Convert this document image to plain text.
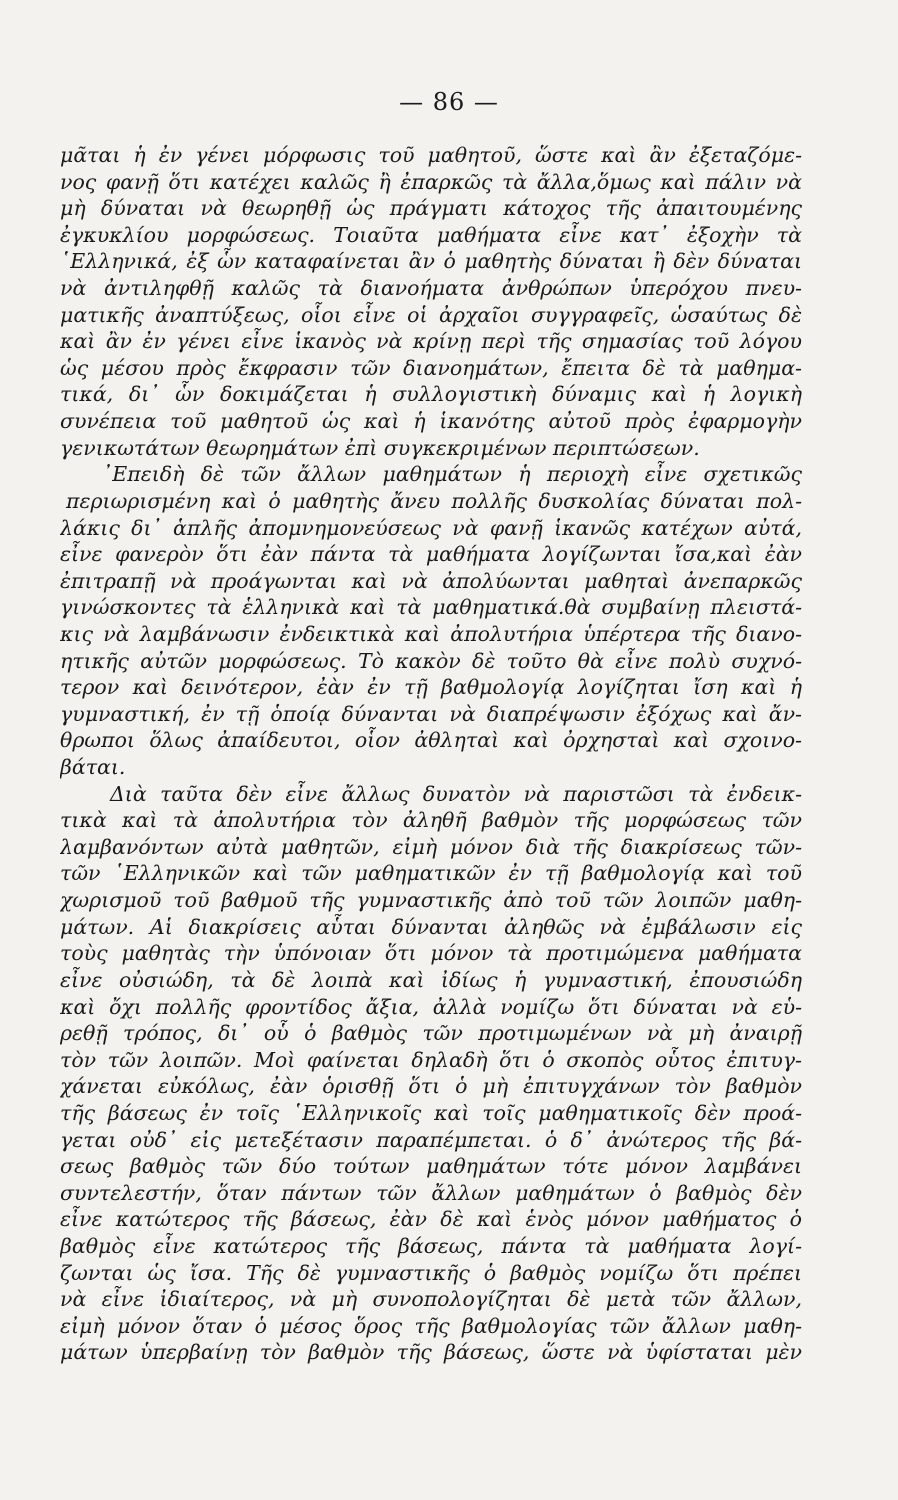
— 86 —
μᾶται ἡ ἐν γένει μόρφωσις τοῦ μαθητοῦ, ὥστε καὶ ἂν ἐξεταζόμε-
νος φανῇ ὅτι κατέχει καλῶς ἢ ἐπαρκῶς τὰ ἄλλα,ὅμως καὶ πάλιν νὰ
μὴ δύναται νὰ θεωρηθῇ ὡς πράγματι κάτοχος τῆς ἀπαιτουμένης
ἐγκυκλίου μορφώσεως. Τοιαῦτα μαθήματα εἶνε κατ᾽ ἐξοχὴν τὰ
῾Ελληνικά, ἐξ ὧν καταφαίνεται ἂν ὁ μαθητὴς δύναται ἢ δὲν δύναται
νὰ ἀντιληφθῇ καλῶς τὰ διανοήματα ἀνθρώπων ὑπερόχου πνευ-
ματικῆς ἀναπτύξεως, οἷοι εἶνε οἱ ἀρχαῖοι συγγραφεῖς, ὡσαύτως δὲ
καὶ ἂν ἐν γένει εἶνε ἱκανὸς νὰ κρίνῃ περὶ τῆς σημασίας τοῦ λόγου
ὡς μέσου πρὸς ἔκφρασιν τῶν διανοημάτων, ἔπειτα δὲ τὰ μαθημα-
τικά, δι᾽ ὧν δοκιμάζεται ἡ συλλογιστικὴ δύναμις καὶ ἡ λογικὴ
συνέπεια τοῦ μαθητοῦ ὡς καὶ ἡ ἱκανότης αὐτοῦ πρὸς ἐφαρμογὴν
γενικωτάτων θεωρημάτων ἐπὶ συγκεκριμένων περιπτώσεων.
᾿Επειδὴ δὲ τῶν ἄλλων μαθημάτων ἡ περιοχὴ εἶνε σχετικῶς
περιωρισμένη καὶ ὁ μαθητὴς ἄνευ πολλῆς δυσκολίας δύναται πολ-
λάκις δι᾽ ἁπλῆς ἀπομνημονεύσεως νὰ φανῇ ἱκανῶς κατέχων αὐτά,
εἶνε φανερὸν ὅτι ἐὰν πάντα τὰ μαθήματα λογίζωνται ἴσα,καὶ ἐὰν
ἐπιτραπῇ νὰ προάγωνται καὶ νὰ ἀπολύωνται μαθηταὶ ἀνεπαρκῶς
γινώσκοντες τὰ ἑλληνικὰ καὶ τὰ μαθηματικά.θὰ συμβαίνῃ πλειστά-
κις νὰ λαμβάνωσιν ἐνδεικτικὰ καὶ ἀπολυτήρια ὑπέρτερα τῆς διανο-
ητικῆς αὐτῶν μορφώσεως. Τὸ κακὸν δὲ τοῦτο θὰ εἶνε πολὺ συχνό-
τερον καὶ δεινότερον, ἐὰν ἐν τῇ βαθμολογίᾳ λογίζηται ἴση καὶ ἡ
γυμναστική, ἐν τῇ ὁποίᾳ δύνανται νὰ διαπρέψωσιν ἐξόχως καὶ ἄν-
θρωποι ὅλως ἀπαίδευτοι, οἷον ἀθληταὶ καὶ ὀρχησταὶ καὶ σχοινο-
βάται.
Διὰ ταῦτα δὲν εἶνε ἄλλως δυνατὸν νὰ παριστῶσι τὰ ἐνδεικ-
τικὰ καὶ τὰ ἀπολυτήρια τὸν ἀληθῆ βαθμὸν τῆς μορφώσεως τῶν
λαμβανόντων αὐτὰ μαθητῶν, εἰμὴ μόνον διὰ τῆς διακρίσεως τῶν-
τῶν ῾Ελληνικῶν καὶ τῶν μαθηματικῶν ἐν τῇ βαθμολογίᾳ καὶ τοῦ
χωρισμοῦ τοῦ βαθμοῦ τῆς γυμναστικῆς ἀπὸ τοῦ τῶν λοιπῶν μαθη-
μάτων. Αἱ διακρίσεις αὗται δύνανται ἀληθῶς νὰ ἐμβάλωσιν εἰς
τοὺς μαθητὰς τὴν ὑπόνοιαν ὅτι μόνον τὰ προτιμώμενα μαθήματα
εἶνε οὐσιώδη, τὰ δὲ λοιπὰ καὶ ἰδίως ἡ γυμναστική, ἐπουσιώδη
καὶ ὄχι πολλῆς φροντίδος ἄξια, ἀλλὰ νομίζω ὅτι δύναται νὰ εὑ-
ρεθῇ τρόπος, δι᾽ οὗ ὁ βαθμὸς τῶν προτιμωμένων νὰ μὴ ἀναιρῇ
τὸν τῶν λοιπῶν. Μοὶ φαίνεται δηλαδὴ ὅτι ὁ σκοπὸς οὗτος ἐπιτυγ-
χάνεται εὐκόλως, ἐὰν ὁρισθῇ ὅτι ὁ μὴ ἐπιτυγχάνων τὸν βαθμὸν
τῆς βάσεως ἐν τοῖς ῾Ελληνικοῖς καὶ τοῖς μαθηματικοῖς δὲν προά-
γεται οὐδ᾽ εἰς μετεξέτασιν παραπέμπεται. ὁ δ᾽ ἀνώτερος τῆς βά-
σεως βαθμὸς τῶν δύο τούτων μαθημάτων τότε μόνον λαμβάνει
συντελεστήν, ὅταν πάντων τῶν ἄλλων μαθημάτων ὁ βαθμὸς δὲν
εἶνε κατώτερος τῆς βάσεως, ἐὰν δὲ καὶ ἑνὸς μόνον μαθήματος ὁ
βαθμὸς εἶνε κατώτερος τῆς βάσεως, πάντα τὰ μαθήματα λογί-
ζωνται ὡς ἴσα. Τῆς δὲ γυμναστικῆς ὁ βαθμὸς νομίζω ὅτι πρέπει
νὰ εἶνε ἰδιαίτερος, νὰ μὴ συνοπολογίζηται δὲ μετὰ τῶν ἄλλων,
εἰμὴ μόνον ὅταν ὁ μέσος ὅρος τῆς βαθμολογίας τῶν ἄλλων μαθη-
μάτων ὑπερβαίνῃ τὸν βαθμὸν τῆς βάσεως, ὥστε νὰ ὑφίσταται μὲν
